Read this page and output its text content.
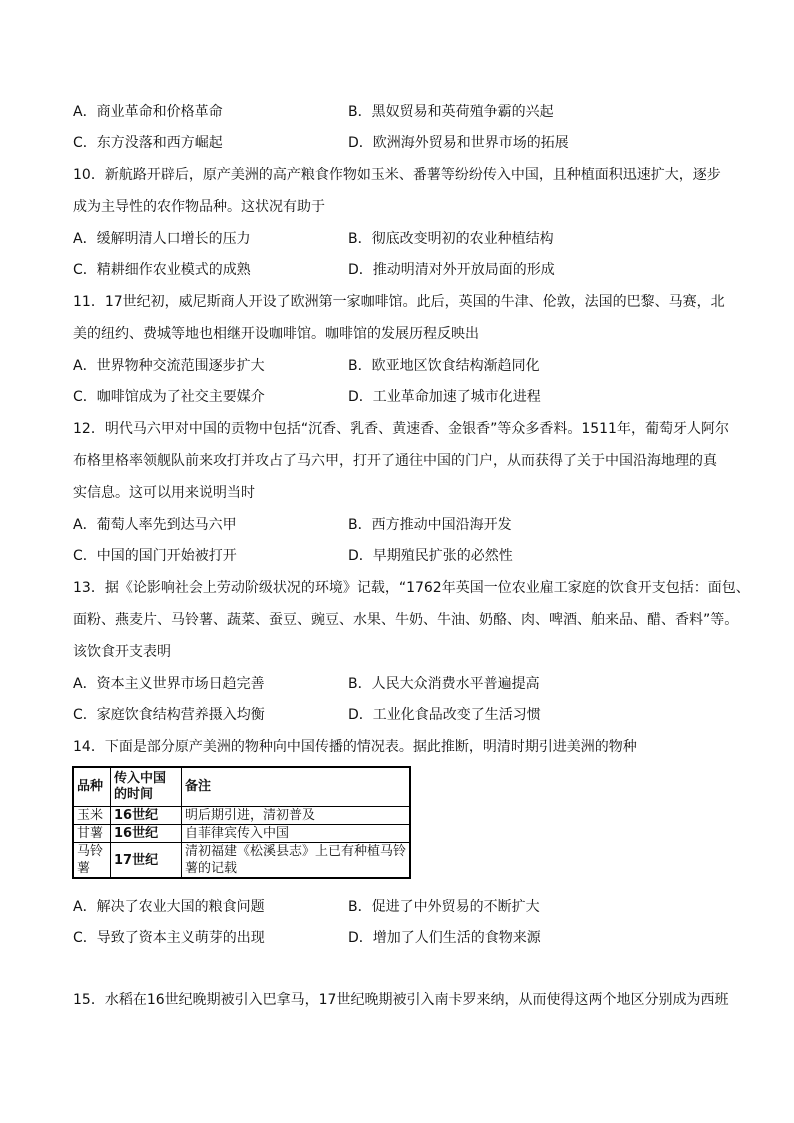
A．商业革命和价格革命	B．黑奴贸易和英荷殖争霸的兴起
C．东方没落和西方崛起	D．欧洲海外贸易和世界市场的拓展
10．新航路开辟后，原产美洲的高产粮食作物如玉米、番薯等纷纷传入中国，且种植面积迅速扩大，逐步
成为主导性的农作物品种。这状况有助于
A．缓解明清人口增长的压力	B．彻底改变明初的农业种植结构
C．精耕细作农业模式的成熟	D．推动明清对外开放局面的形成
11．17世纪初，威尼斯商人开设了欧洲第一家咖啡馆。此后，英国的牛津、伦敦，法国的巴黎、马赛，北
美的纽约、费城等地也相继开设咖啡馆。咖啡馆的发展历程反映出
A．世界物种交流范围逐步扩大	B．欧亚地区饮食结构渐趋同化
C．咖啡馆成为了社交主要媒介	D．工业革命加速了城市化进程
12．明代马六甲对中国的贡物中包括“沉香、乳香、黄速香、金银香”等众多香料。1511年，葡萄牙人阿尔
布格里格率领舰队前来攻打并攻占了马六甲，打开了通往中国的门户，从而获得了关于中国沿海地理的真
实信息。这可以用来说明当时
A．葡萄人率先到达马六甲	B．西方推动中国沿海开发
C．中国的国门开始被打开	D．早期殖民扩张的必然性
13．据《论影响社会上劳动阶级状况的环境》记载，“1762年英国一位农业雇工家庭的饮食开支包括：面包、
面粉、燕麦片、马铃薯、蔬菜、蚕豆、豌豆、水果、牛奶、牛油、奶酪、肉、啤酒、舶来品、醋、香料”等。
该饮食开支表明
A．资本主义世界市场日趋完善	B．人民大众消费水平普遍提高
C．家庭饮食结构营养摄入均衡	D．工业化食品改变了生活习惯
14．下面是部分原产美洲的物种向中国传播的情况表。据此推断，明清时期引进美洲的物种
品种	传入中国的时间	备注
玉米	16世纪	明后期引进，清初普及
甘薯	16世纪	自菲律宾传入中国
马铃薯	17世纪	清初福建《松溪县志》上已有种植马铃薯的记载
A．解决了农业大国的粮食问题	B．促进了中外贸易的不断扩大
C．导致了资本主义萌芽的出现	D．增加了人们生活的食物来源
15．水稻在16世纪晚期被引入巴拿马，17世纪晚期被引入南卡罗来纳，从而使得这两个地区分别成为西班
